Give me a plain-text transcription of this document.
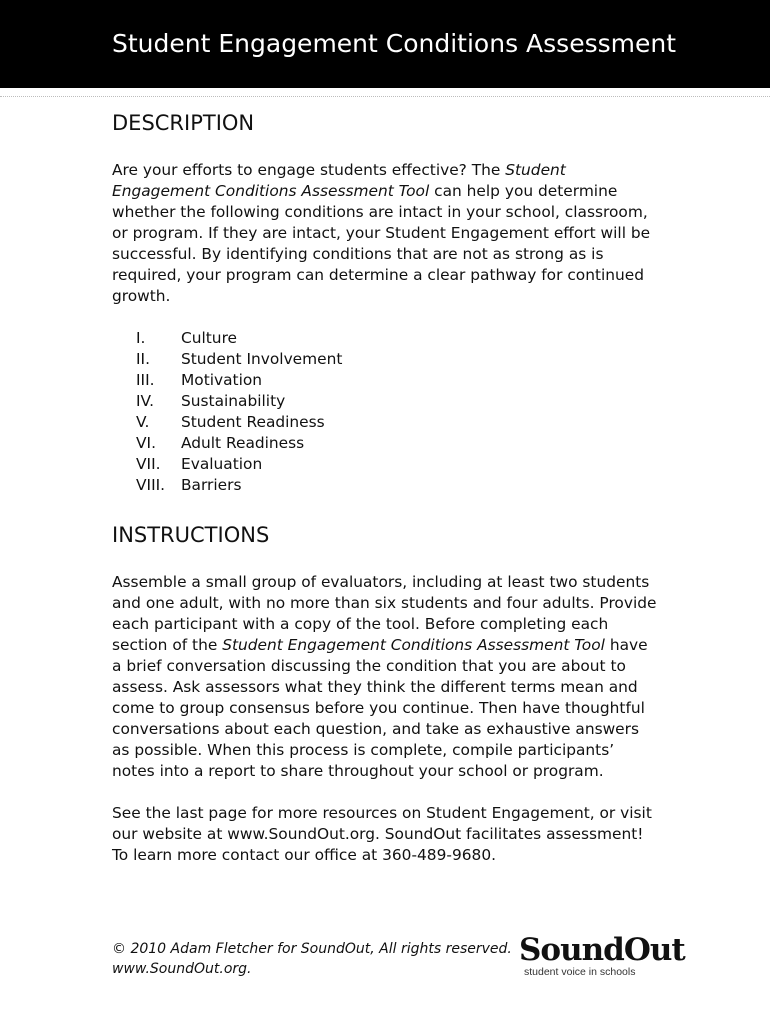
Student Engagement Conditions Assessment
DESCRIPTION

Are your efforts to engage students effective? The Student Engagement Conditions Assessment Tool can help you determine whether the following conditions are intact in your school, classroom, or program. If they are intact, your Student Engagement effort will be successful. By identifying conditions that are not as strong as is required, your program can determine a clear pathway for continued growth.

I. Culture
II. Student Involvement
III. Motivation
IV. Sustainability
V. Student Readiness
VI. Adult Readiness
VII. Evaluation
VIII. Barriers
INSTRUCTIONS

Assemble a small group of evaluators, including at least two students and one adult, with no more than six students and four adults. Provide each participant with a copy of the tool. Before completing each section of the Student Engagement Conditions Assessment Tool have a brief conversation discussing the condition that you are about to assess. Ask assessors what they think the different terms mean and come to group consensus before you continue. Then have thoughtful conversations about each question, and take as exhaustive answers as possible. When this process is complete, compile participants’ notes into a report to share throughout your school or program.

See the last page for more resources on Student Engagement, or visit our website at www.SoundOut.org. SoundOut facilitates assessment! To learn more contact our office at 360-489-9680.

© 2010 Adam Fletcher for SoundOut, All rights reserved.
www.SoundOut.org.
SoundOut
student voice in schools
